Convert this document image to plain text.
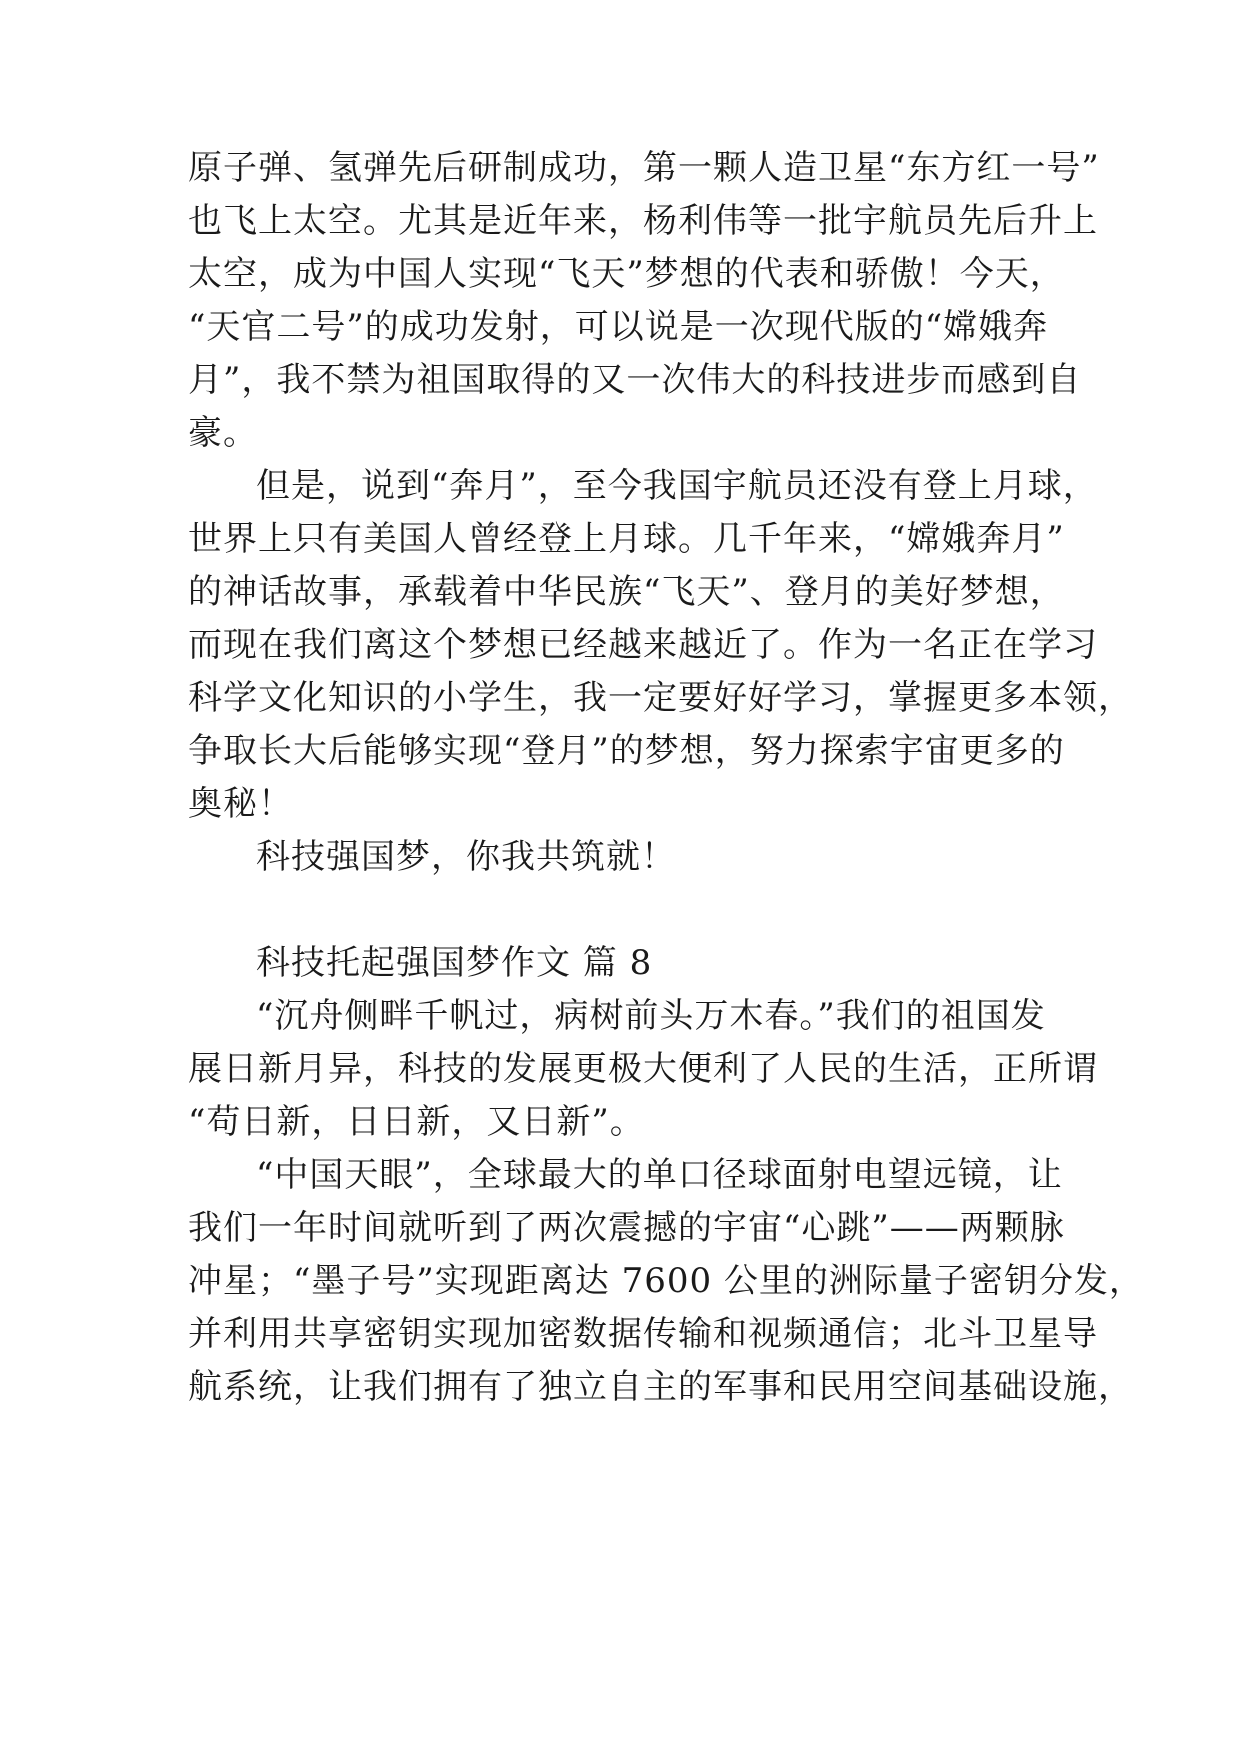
原子弹、氢弹先后研制成功，第一颗人造卫星“东方红一号”
也飞上太空。尤其是近年来，杨利伟等一批宇航员先后升上
太空，成为中国人实现“飞天”梦想的代表和骄傲！今天，
“天官二号”的成功发射，可以说是一次现代版的“嫦娥奔
月”，我不禁为祖国取得的又一次伟大的科技进步而感到自
豪。
但是，说到“奔月”，至今我国宇航员还没有登上月球，
世界上只有美国人曾经登上月球。几千年来，“嫦娥奔月”
的神话故事，承载着中华民族“飞天”、登月的美好梦想，
而现在我们离这个梦想已经越来越近了。作为一名正在学习
科学文化知识的小学生，我一定要好好学习，掌握更多本领，
争取长大后能够实现“登月”的梦想，努力探索宇宙更多的
奥秘！
科技强国梦，你我共筑就！
科技托起强国梦作文 篇 8
“沉舟侧畔千帆过，病树前头万木春。”我们的祖国发
展日新月异，科技的发展更极大便利了人民的生活，正所谓
“苟日新，日日新，又日新”。
“中国天眼”，全球最大的单口径球面射电望远镜，让
我们一年时间就听到了两次震撼的宇宙“心跳”——两颗脉
冲星；“墨子号”实现距离达 7600 公里的洲际量子密钥分发，
并利用共享密钥实现加密数据传输和视频通信；北斗卫星导
航系统，让我们拥有了独立自主的军事和民用空间基础设施，
